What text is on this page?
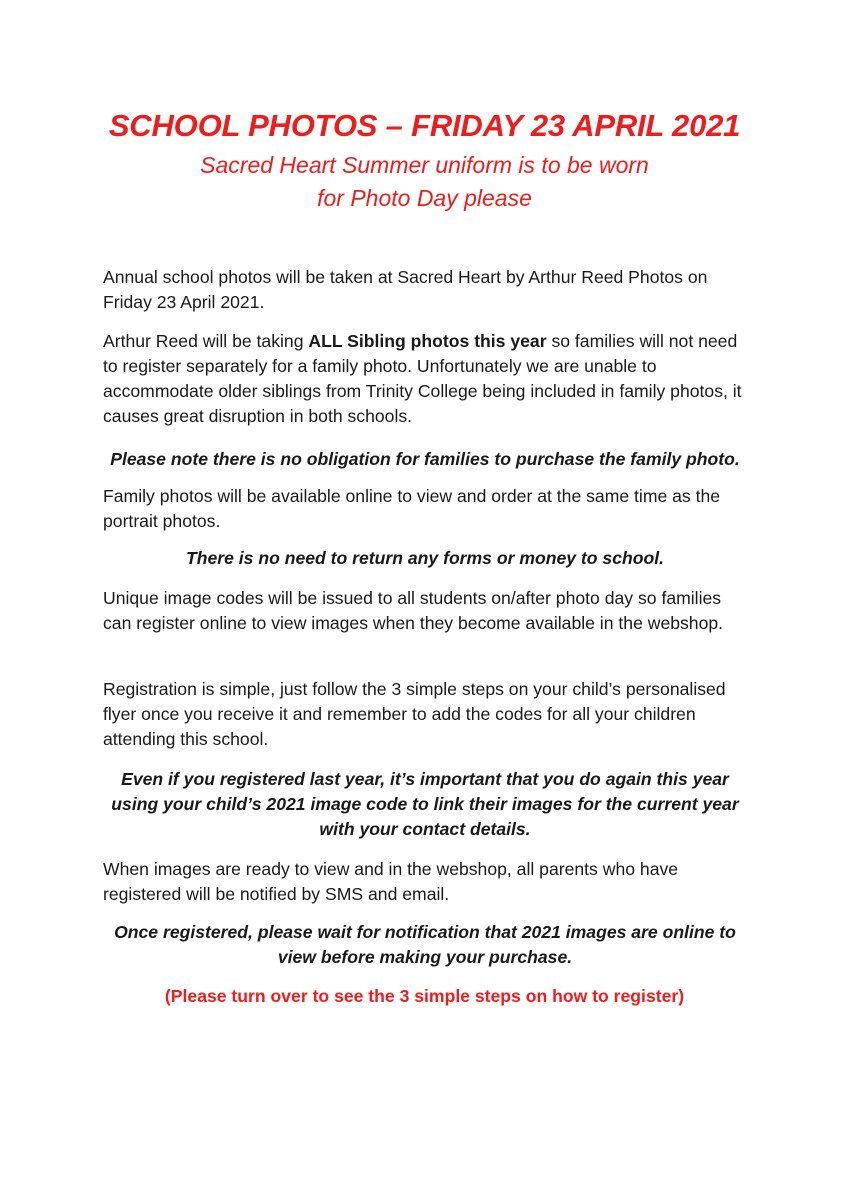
SCHOOL PHOTOS – FRIDAY 23 APRIL 2021
Sacred Heart Summer uniform is to be worn
for Photo Day please

Annual school photos will be taken at Sacred Heart by Arthur Reed Photos on Friday 23 April 2021.

Arthur Reed will be taking ALL Sibling photos this year so families will not need to register separately for a family photo. Unfortunately we are unable to accommodate older siblings from Trinity College being included in family photos, it causes great disruption in both schools.

Please note there is no obligation for families to purchase the family photo.

Family photos will be available online to view and order at the same time as the portrait photos.

There is no need to return any forms or money to school.

Unique image codes will be issued to all students on/after photo day so families can register online to view images when they become available in the webshop.

Registration is simple, just follow the 3 simple steps on your child’s personalised flyer once you receive it and remember to add the codes for all your children attending this school.

Even if you registered last year, it’s important that you do again this year
using your child’s 2021 image code to link their images for the current year
with your contact details.

When images are ready to view and in the webshop, all parents who have registered will be notified by SMS and email.

Once registered, please wait for notification that 2021 images are online to
view before making your purchase.

(Please turn over to see the 3 simple steps on how to register)
